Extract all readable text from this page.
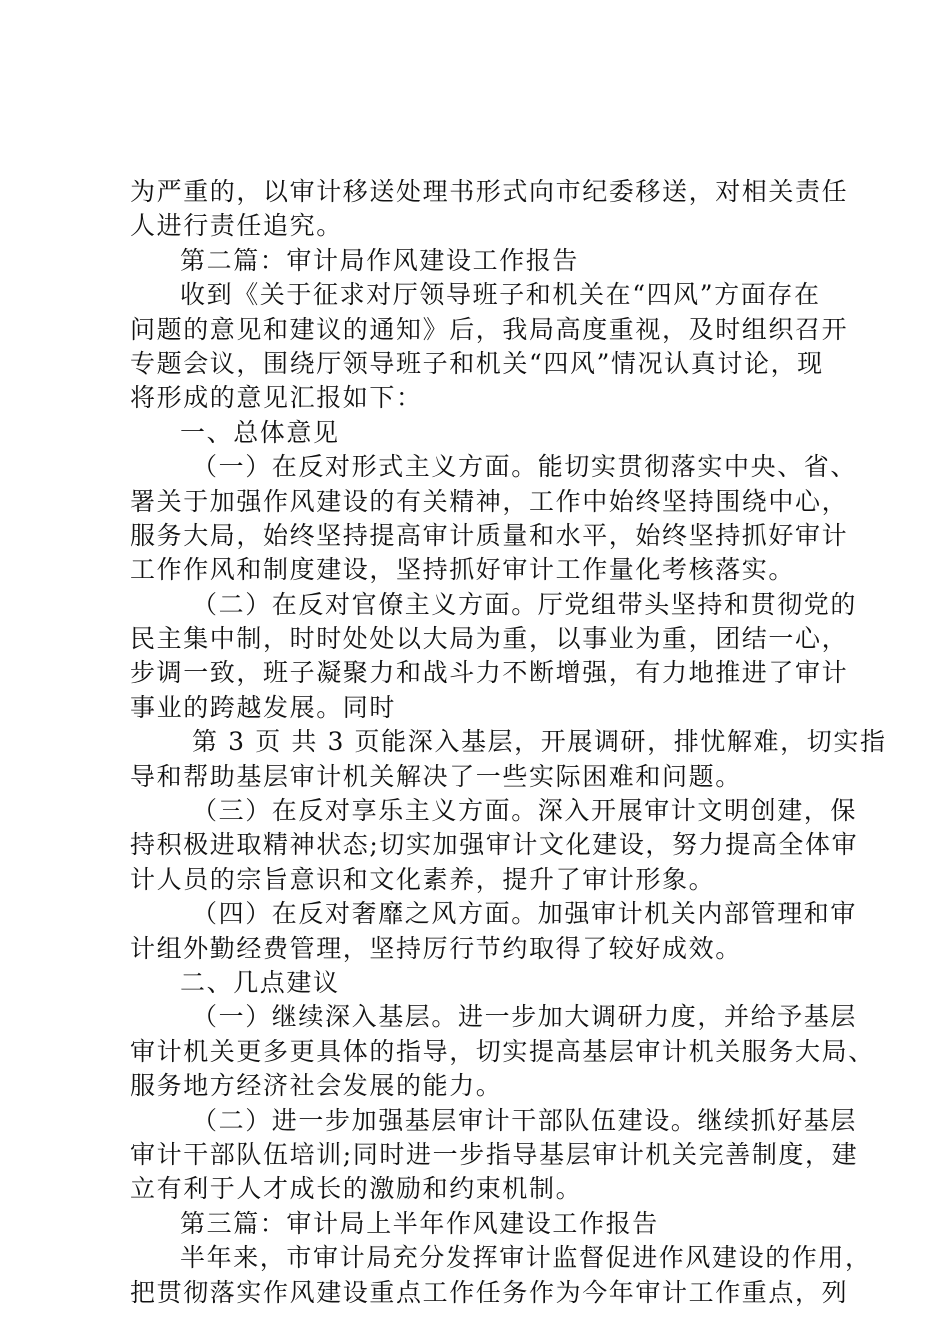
为严重的，以审计移送处理书形式向市纪委移送，对相关责任
人进行责任追究。
第二篇：审计局作风建设工作报告
收到《关于征求对厅领导班子和机关在“四风”方面存在
问题的意见和建议的通知》后，我局高度重视，及时组织召开
专题会议，围绕厅领导班子和机关“四风”情况认真讨论，现
将形成的意见汇报如下：
一、总体意见
（一）在反对形式主义方面。能切实贯彻落实中央、省、
署关于加强作风建设的有关精神，工作中始终坚持围绕中心，
服务大局，始终坚持提高审计质量和水平，始终坚持抓好审计
工作作风和制度建设，坚持抓好审计工作量化考核落实。
（二）在反对官僚主义方面。厅党组带头坚持和贯彻党的
民主集中制，时时处处以大局为重，以事业为重，团结一心，
步调一致，班子凝聚力和战斗力不断增强，有力地推进了审计
事业的跨越发展。同时
第 3 页 共 3 页能深入基层，开展调研，排忧解难，切实指
导和帮助基层审计机关解决了一些实际困难和问题。
（三）在反对享乐主义方面。深入开展审计文明创建，保
持积极进取精神状态;切实加强审计文化建设，努力提高全体审
计人员的宗旨意识和文化素养，提升了审计形象。
（四）在反对奢靡之风方面。加强审计机关内部管理和审
计组外勤经费管理，坚持厉行节约取得了较好成效。
二、几点建议
（一）继续深入基层。进一步加大调研力度，并给予基层
审计机关更多更具体的指导，切实提高基层审计机关服务大局、
服务地方经济社会发展的能力。
（二）进一步加强基层审计干部队伍建设。继续抓好基层
审计干部队伍培训;同时进一步指导基层审计机关完善制度，建
立有利于人才成长的激励和约束机制。
第三篇：审计局上半年作风建设工作报告
半年来，市审计局充分发挥审计监督促进作风建设的作用，
把贯彻落实作风建设重点工作任务作为今年审计工作重点，列
